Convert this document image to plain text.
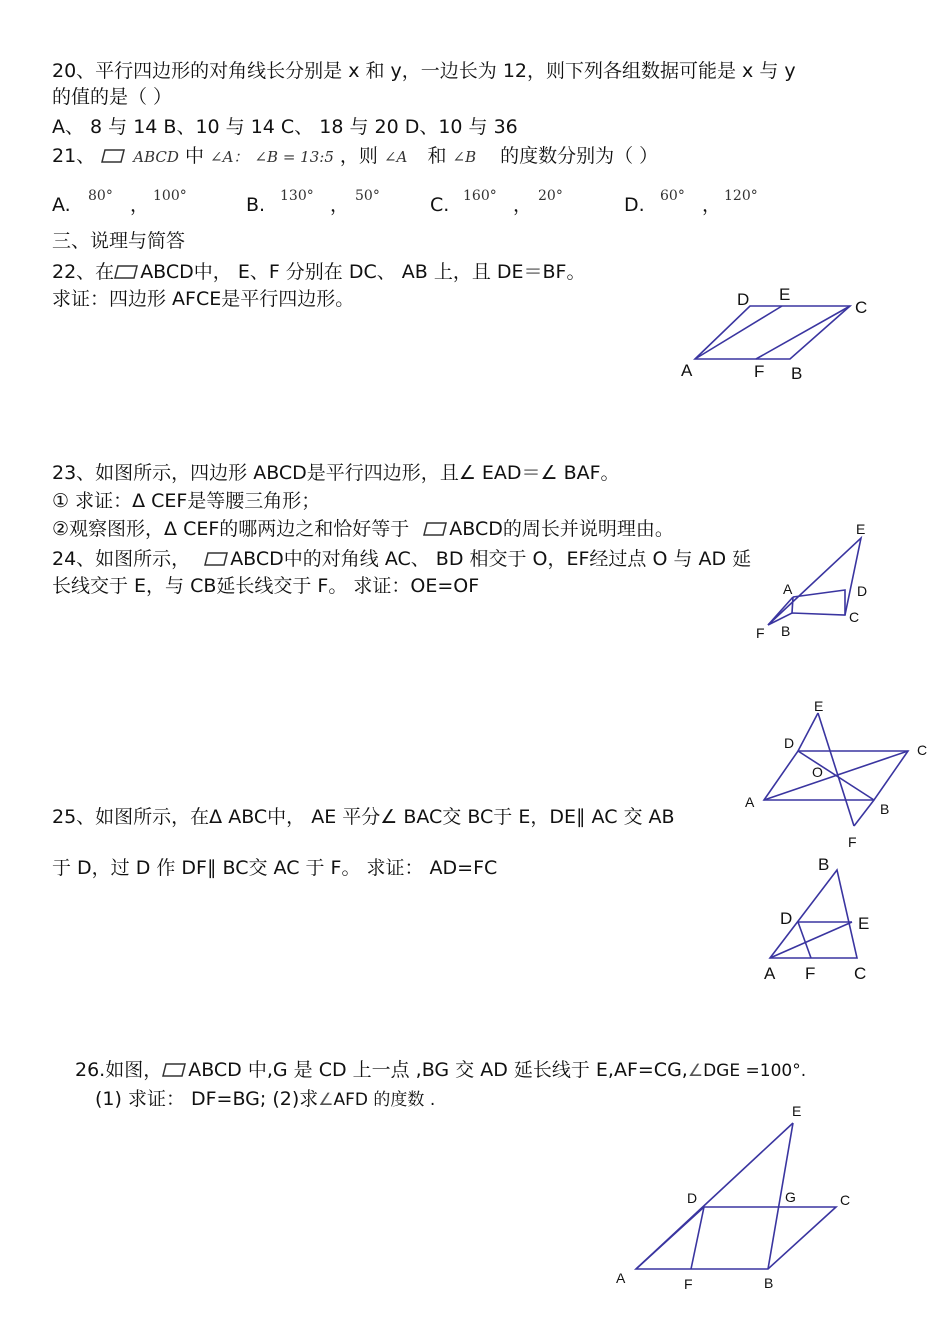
20、平行四边形的对角线长分别是 x 和 y，一边长为 12，则下列各组数据可能是 x 与 y
的值的是（ ）
A、 8 与 14 B、10 与 14 C、 18 与 20 D、10 与 36
21、	ABCD 中 ∠A： ∠B = 13:5 ，则 ∠A 和 ∠B 的度数分别为（ ）
A. 80° ， 100°	B. 130° ， 50°	C. 160° ， 20°	D. 60° ， 120°
三、说理与简答
22、在 ABCD中， E、F 分别在 DC、 AB 上，且 DE＝BF。
求证：四边形 AFCE是平行四边形。	D E
C
A	F B
23、如图所示，四边形 ABCD是平行四边形，且∠ EAD＝∠ BAF。
① 求证：Δ CEF是等腰三角形；
②观察图形，Δ CEF的哪两边之和恰好等于 ABCD的周长并说明理由。	E
A	D
C
F B
24、如图所示， ABCD中的对角线 AC、 BD 相交于 O，EF经过点 O 与 AD 延
长线交于 E，与 CB延长线交于 F。 求证：OE=OF
E
D	C
O
A	B
F
25、如图所示，在Δ ABC中， AE 平分∠ BAC交 BC于 E，DE∥ AC 交 AB
于 D，过 D 作 DF∥ BC交 AC 于 F。 求证： AD=FC	B
D	E
A F C
26.如图， ABCD 中,G 是 CD 上一点 ,BG 交 AD 延长线于 E,AF=CG,∠DGE =100°.
(1) 求证： DF=BG; (2)求∠AFD 的度数 .
E
D	G	C
A	F	B
